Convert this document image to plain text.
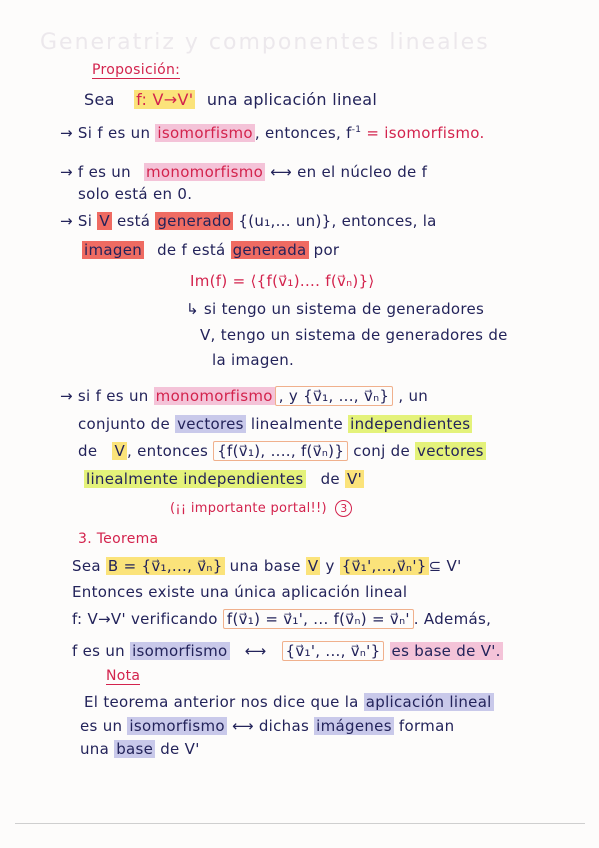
Generatriz y componentes lineales
Proposición:
Sea f: V→V' una aplicación lineal
→ Si f es un isomorfismo , entonces, $f^{-1}$ = isomorfismo.
→ f es un monomorfismo ⟷ en el núcleo de f
solo está en 0.
→ Si V está generado {(u₁,... un)}, entonces, la
imagen de f está generada por
Im(f) = ⟨{f(v⃗₁).... f(v⃗ₙ)}⟩
↳ si tengo un sistema de generadores
V, tengo un sistema de generadores de
la imagen.
→ si f es un monomorfismo , y {v⃗₁, ..., v⃗ₙ} , un
conjunto de vectores linealmente independientes
de V , entonces {f(v⃗₁), ...., f(v⃗ₙ)} conj de vectores
linealmente independientes de V'
(¡¡ importante portal!!) 3
3. Teorema
Sea B = {v⃗₁,..., v⃗ₙ} una base V y {v⃗₁',...,v⃗ₙ'} ⊆ V'
Entonces existe una única aplicación lineal
f: V→V' verificando f(v⃗₁) = v⃗₁', ... f(v⃗ₙ) = v⃗ₙ' . Además,
f es un isomorfismo ⟷ {v⃗₁', ..., v⃗ₙ'} es base de V'.
Nota
El teorema anterior nos dice que la aplicación lineal
es un isomorfismo ⟷ dichas imágenes forman
una base de V'
